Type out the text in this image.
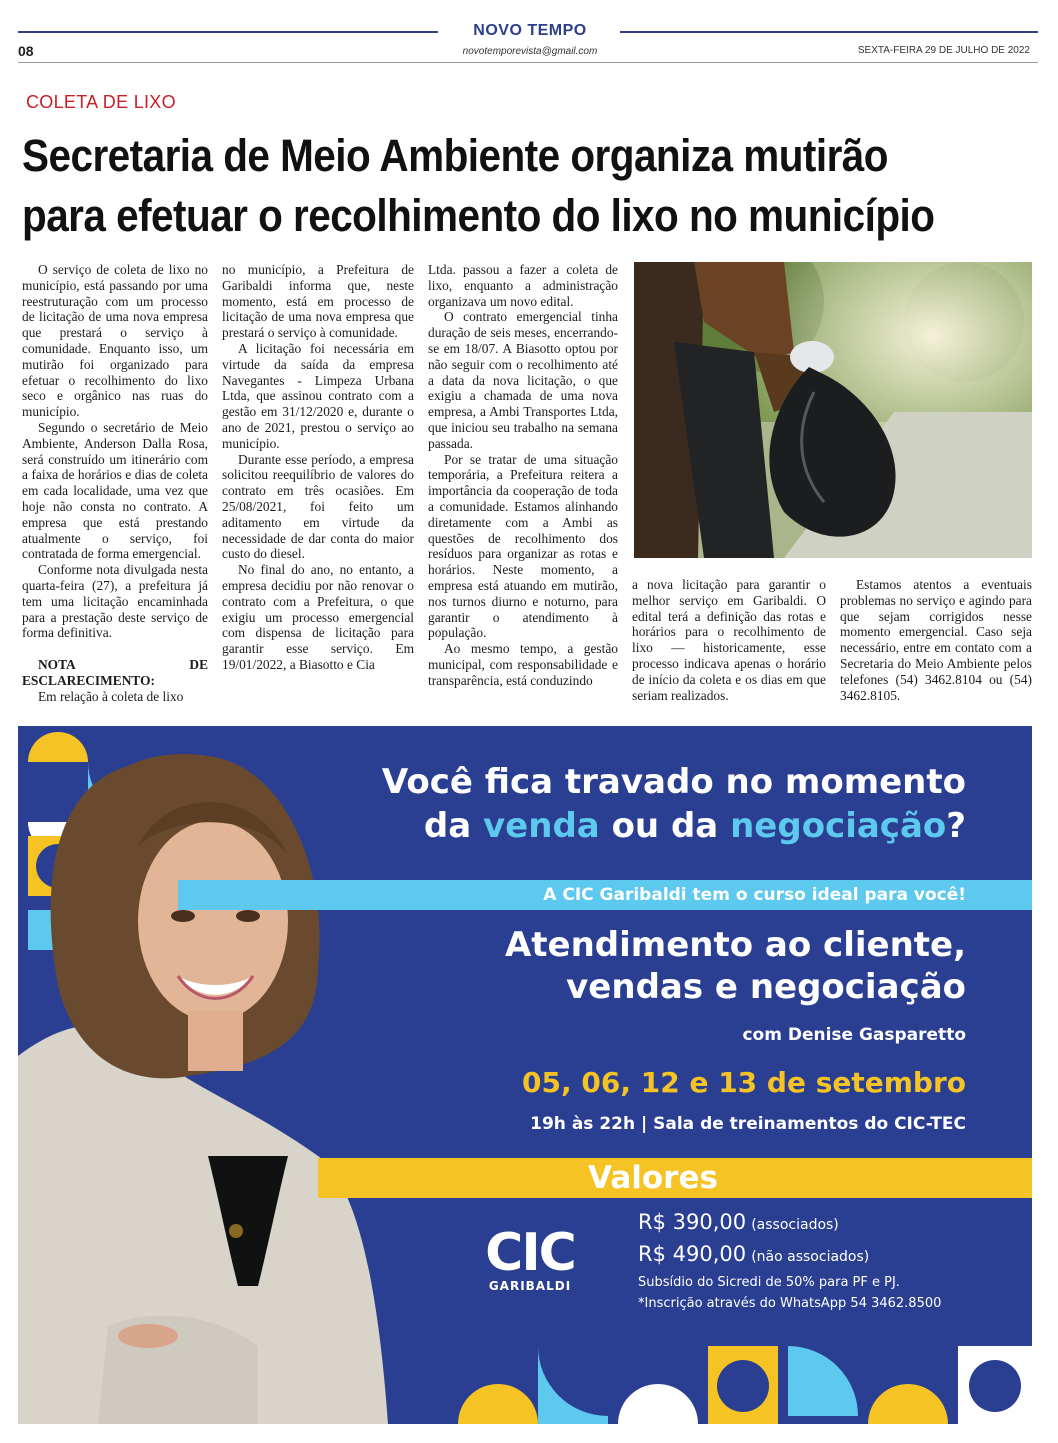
NOVO TEMPO
novotemporevista@gmail.com
08	SEXTA-FEIRA 29 DE JULHO DE 2022
COLETA DE LIXO
Secretaria de Meio Ambiente organiza mutirão
para efetuar o recolhimento do lixo no município

O serviço de coleta de lixo no município, está passando por uma reestruturação com um processo de licitação de uma nova empresa que prestará o serviço à comunidade. Enquanto isso, um mutirão foi organizado para efetuar o recolhimento do lixo seco e orgânico nas ruas do município.

Segundo o secretário de Meio Ambiente, Anderson Dalla Rosa, será construído um itinerário com a faixa de horários e dias de coleta em cada localidade, uma vez que hoje não consta no contrato. A empresa que está prestando atualmente o serviço, foi contratada de forma emergencial.

Conforme nota divulgada nesta quarta-feira (27), a prefeitura já tem uma licitação encaminhada para a prestação deste serviço de forma definitiva.

NOTA DE ESCLARECIMENTO:

Em relação à coleta de lixo

no município, a Prefeitura de Garibaldi informa que, neste momento, está em processo de licitação de uma nova empresa que prestará o serviço à comunidade.

A licitação foi necessária em virtude da saída da empresa Navegantes - Limpeza Urbana Ltda, que assinou contrato com a gestão em 31/12/2020 e, durante o ano de 2021, prestou o serviço ao município.

Durante esse período, a empresa solicitou reequilíbrio de valores do contrato em três ocasiões. Em 25/08/2021, foi feito um aditamento em virtude da necessidade de dar conta do maior custo do diesel.

No final do ano, no entanto, a empresa decidiu por não renovar o contrato com a Prefeitura, o que exigiu um processo emergencial com dispensa de licitação para garantir esse serviço. Em 19/01/2022, a Biasotto e Cia

Ltda. passou a fazer a coleta de lixo, enquanto a administração organizava um novo edital.

O contrato emergencial tinha duração de seis meses, encerrando-se em 18/07. A Biasotto optou por não seguir com o recolhimento até a data da nova licitação, o que exigiu a chamada de uma nova empresa, a Ambi Transportes Ltda, que iniciou seu trabalho na semana passada.

Por se tratar de uma situação temporária, a Prefeitura reitera a importância da cooperação de toda a comunidade. Estamos alinhando diretamente com a Ambi as questões de recolhimento dos resíduos para organizar as rotas e horários. Neste momento, a empresa está atuando em mutirão, nos turnos diurno e noturno, para garantir o atendimento à população.

Ao mesmo tempo, a gestão municipal, com responsabilidade e transparência, está conduzindo

a nova licitação para garantir o melhor serviço em Garibaldi. O edital terá a definição das rotas e horários para o recolhimento de lixo — historicamente, esse processo indicava apenas o horário de início da coleta e os dias em que seriam realizados.

Estamos atentos a eventuais problemas no serviço e agindo para que sejam corrigidos nesse momento emergencial. Caso seja necessário, entre em contato com a Secretaria do Meio Ambiente pelos telefones (54) 3462.8104 ou (54) 3462.8105.

Você fica travado no momento
da venda ou da negociação?
A CIC Garibaldi tem o curso ideal para você!
Atendimento ao cliente,
vendas e negociação
com Denise Gasparetto
05, 06, 12 e 13 de setembro
19h às 22h | Sala de treinamentos do CIC-TEC
Valores
CIC
GARIBALDI
R$ 390,00 (associados)
R$ 490,00 (não associados)
Subsídio do Sicredi de 50% para PF e PJ.
*Inscrição através do WhatsApp 54 3462.8500
